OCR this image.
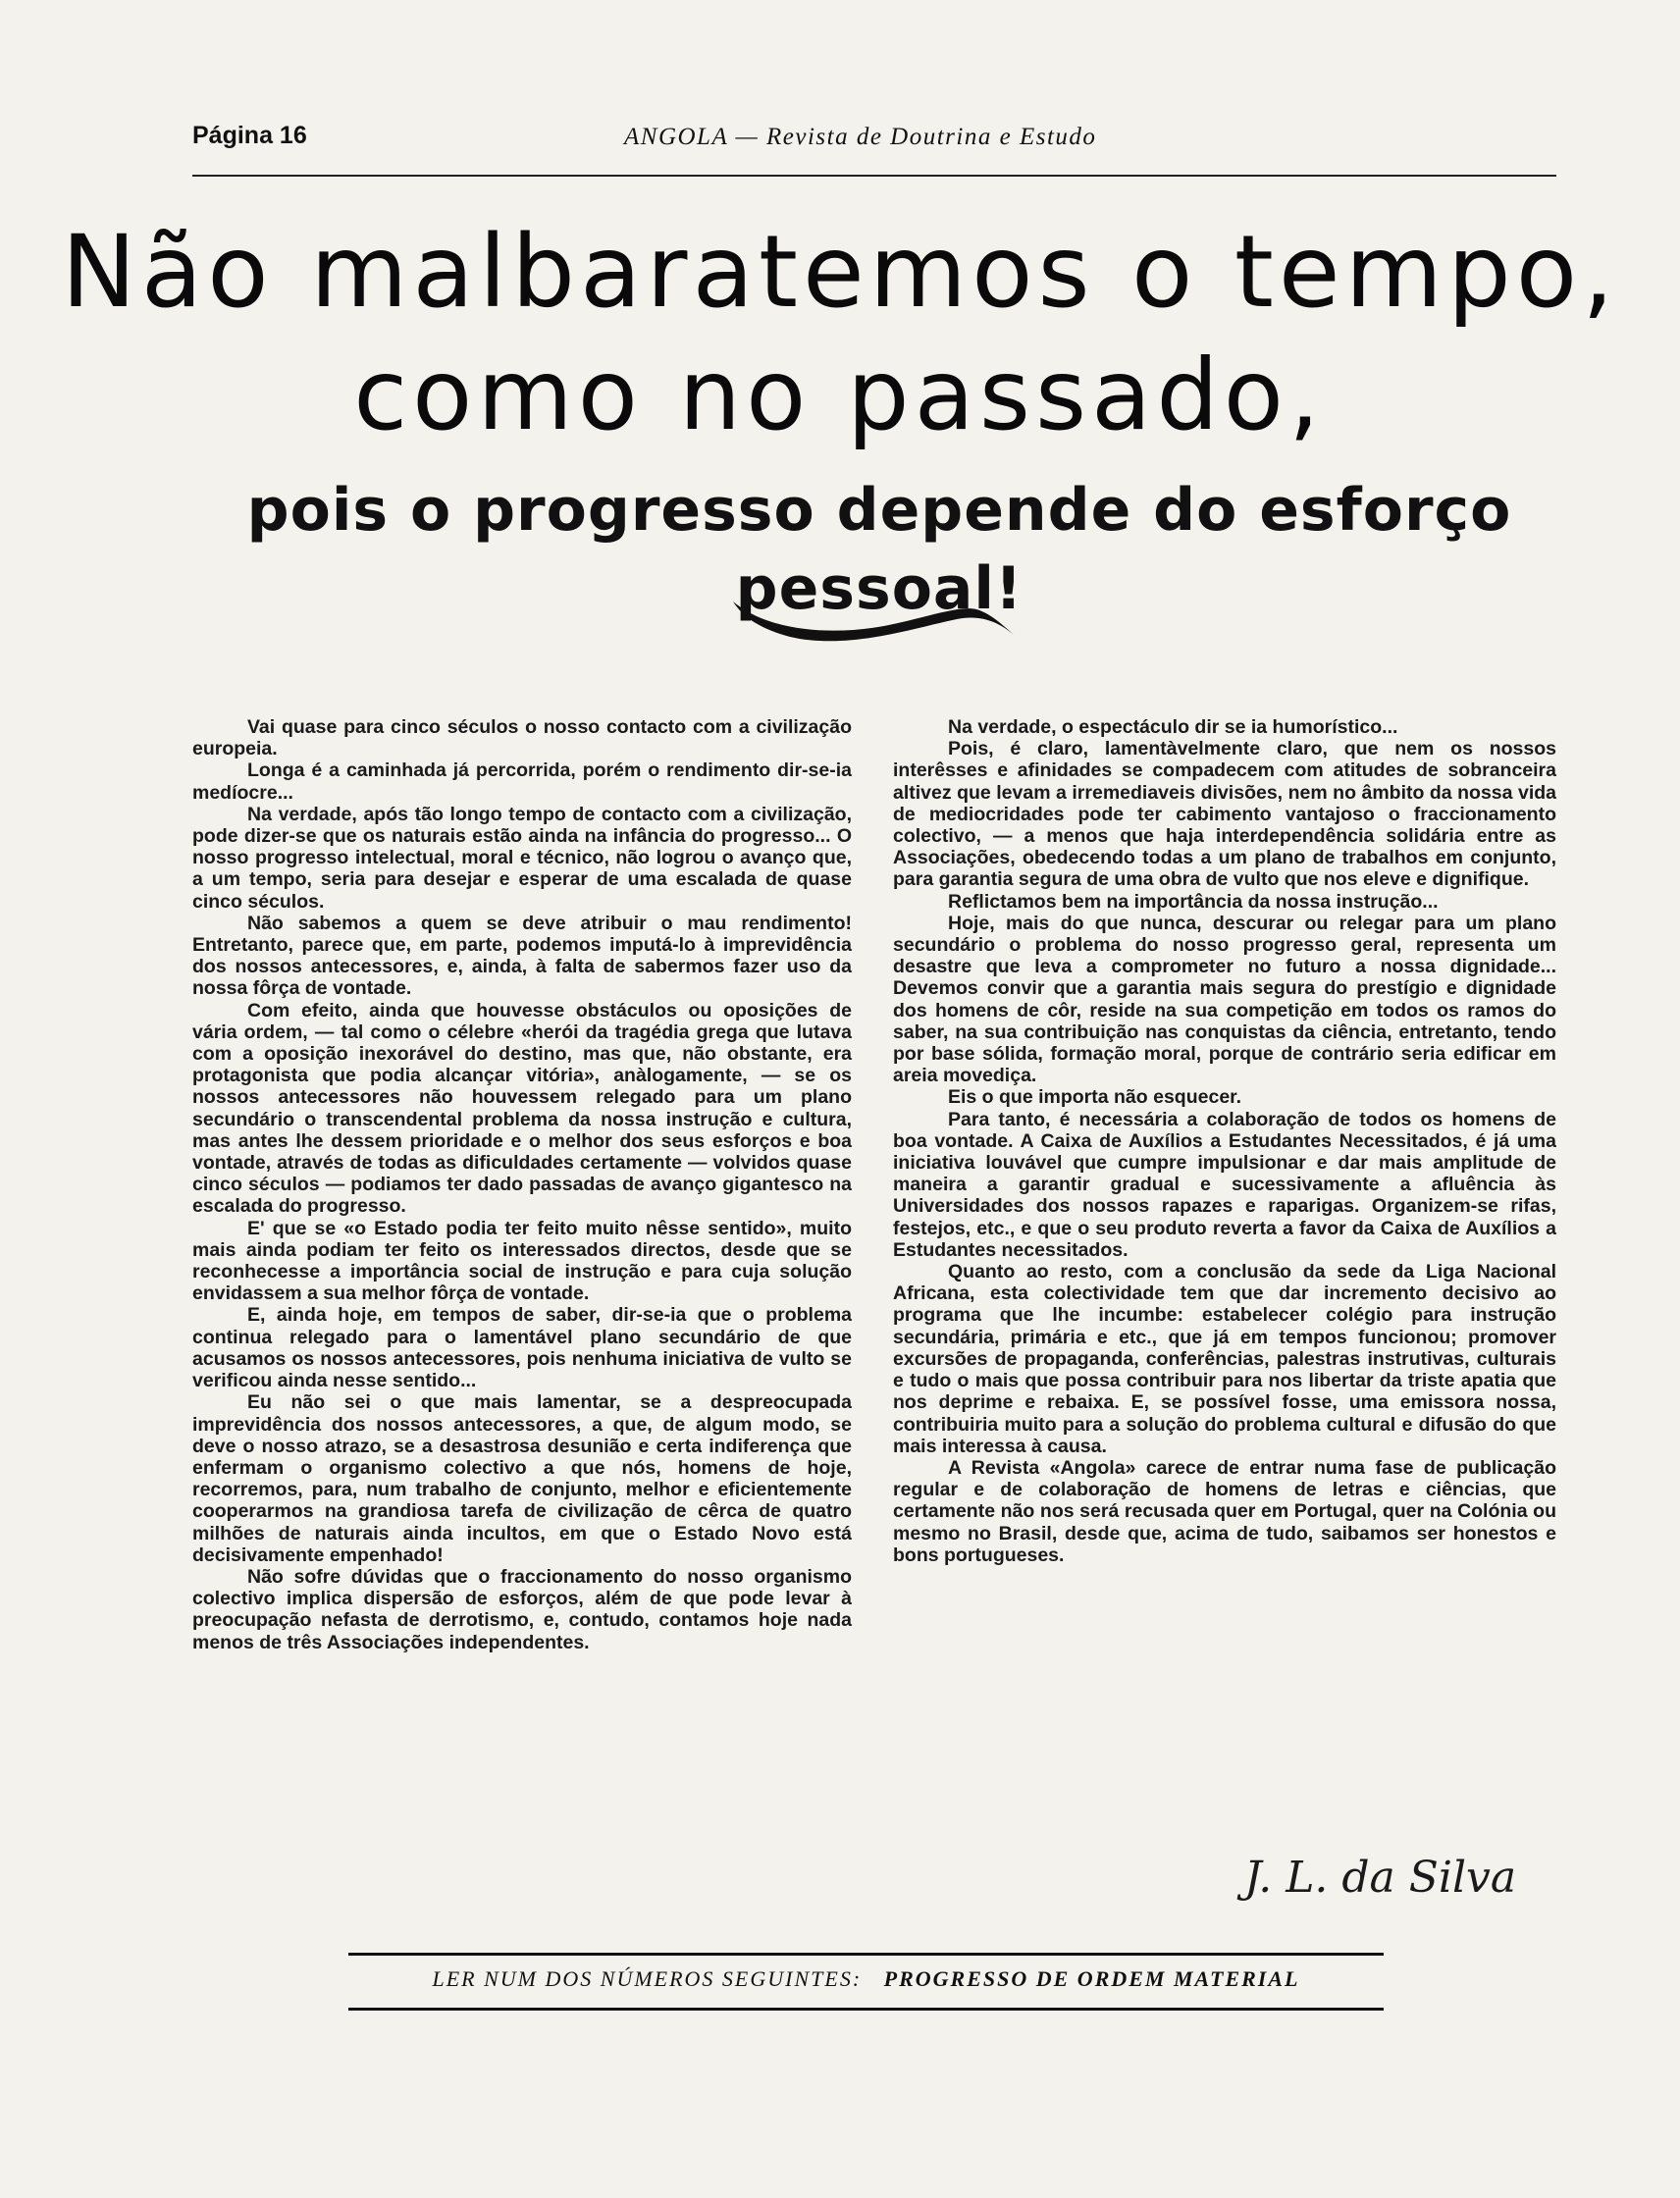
Página 16	ANGOLA — Revista de Doutrina e Estudo
Não malbaratemos o tempo,
como no passado,
pois o progresso depende do esforço pessoal!

Vai quase para cinco séculos o nosso contacto com a civilização europeia.

Longa é a caminhada já percorrida, porém o rendimento dir-se-ia medíocre...

Na verdade, após tão longo tempo de contacto com a civilização, pode dizer-se que os naturais estão ainda na infância do progresso... O nosso progresso intelectual, moral e técnico, não logrou o avanço que, a um tempo, seria para desejar e esperar de uma escalada de quase cinco séculos.

Não sabemos a quem se deve atribuir o mau rendimento! Entretanto, parece que, em parte, podemos imputá-lo à imprevidência dos nossos antecessores, e, ainda, à falta de sabermos fazer uso da nossa fôrça de vontade.

Com efeito, ainda que houvesse obstáculos ou oposições de vária ordem, — tal como o célebre «herói da tragédia grega que lutava com a oposição inexorável do destino, mas que, não obstante, era protagonista que podia alcançar vitória», anàlogamente, — se os nossos antecessores não houvessem relegado para um plano secundário o transcendental problema da nossa instrução e cultura, mas antes lhe dessem prioridade e o melhor dos seus esforços e boa vontade, através de todas as dificuldades certamente — volvidos quase cinco séculos — podiamos ter dado passadas de avanço gigantesco na escalada do progresso.

E' que se «o Estado podia ter feito muito nêsse sentido», muito mais ainda podiam ter feito os interessados directos, desde que se reconhecesse a importância social de instrução e para cuja solução envidassem a sua melhor fôrça de vontade.

E, ainda hoje, em tempos de saber, dir-se-ia que o problema continua relegado para o lamentável plano secundário de que acusamos os nossos antecessores, pois nenhuma iniciativa de vulto se verificou ainda nesse sentido...

Eu não sei o que mais lamentar, se a despreocupada imprevidência dos nossos antecessores, a que, de algum modo, se deve o nosso atrazo, se a desastrosa desunião e certa indiferença que enfermam o organismo colectivo a que nós, homens de hoje, recorremos, para, num trabalho de conjunto, melhor e eficientemente cooperarmos na grandiosa tarefa de civilização de cêrca de quatro milhões de naturais ainda incultos, em que o Estado Novo está decisivamente empenhado!

Não sofre dúvidas que o fraccionamento do nosso organismo colectivo implica dispersão de esforços, além de que pode levar à preocupação nefasta de derrotismo, e, contudo, contamos hoje nada menos de três Associações independentes.

Na verdade, o espectáculo dir se ia humorístico...

Pois, é claro, lamentàvelmente claro, que nem os nossos interêsses e afinidades se compadecem com atitudes de sobranceira altivez que levam a irremediaveis divisões, nem no âmbito da nossa vida de mediocridades pode ter cabimento vantajoso o fraccionamento colectivo, — a menos que haja interdependência solidária entre as Associações, obedecendo todas a um plano de trabalhos em conjunto, para garantia segura de uma obra de vulto que nos eleve e dignifique.

Reflictamos bem na importância da nossa instrução...

Hoje, mais do que nunca, descurar ou relegar para um plano secundário o problema do nosso progresso geral, representa um desastre que leva a comprometer no futuro a nossa dignidade... Devemos convir que a garantia mais segura do prestígio e dignidade dos homens de côr, reside na sua competição em todos os ramos do saber, na sua contribuição nas conquistas da ciência, entretanto, tendo por base sólida, formação moral, porque de contrário seria edificar em areia movediça.

Eis o que importa não esquecer.

Para tanto, é necessária a colaboração de todos os homens de boa vontade. A Caixa de Auxílios a Estudantes Necessitados, é já uma iniciativa louvável que cumpre impulsionar e dar mais amplitude de maneira a garantir gradual e sucessivamente a afluência às Universidades dos nossos rapazes e raparigas. Organizem-se rifas, festejos, etc., e que o seu produto reverta a favor da Caixa de Auxílios a Estudantes necessitados.

Quanto ao resto, com a conclusão da sede da Liga Nacional Africana, esta colectividade tem que dar incremento decisivo ao programa que lhe incumbe: estabelecer colégio para instrução secundária, primária e etc., que já em tempos funcionou; promover excursões de propaganda, conferências, palestras instrutivas, culturais e tudo o mais que possa contribuir para nos libertar da triste apatia que nos deprime e rebaixa. E, se possível fosse, uma emissora nossa, contribuiria muito para a solução do problema cultural e difusão do que mais interessa à causa.

A Revista «Angola» carece de entrar numa fase de publicação regular e de colaboração de homens de letras e ciências, que certamente não nos será recusada quer em Portugal, quer na Colónia ou mesmo no Brasil, desde que, acima de tudo, saibamos ser honestos e bons portugueses.

J. L. da Silva
LER NUM DOS NÚMEROS SEGUINTES: PROGRESSO DE ORDEM MATERIAL
